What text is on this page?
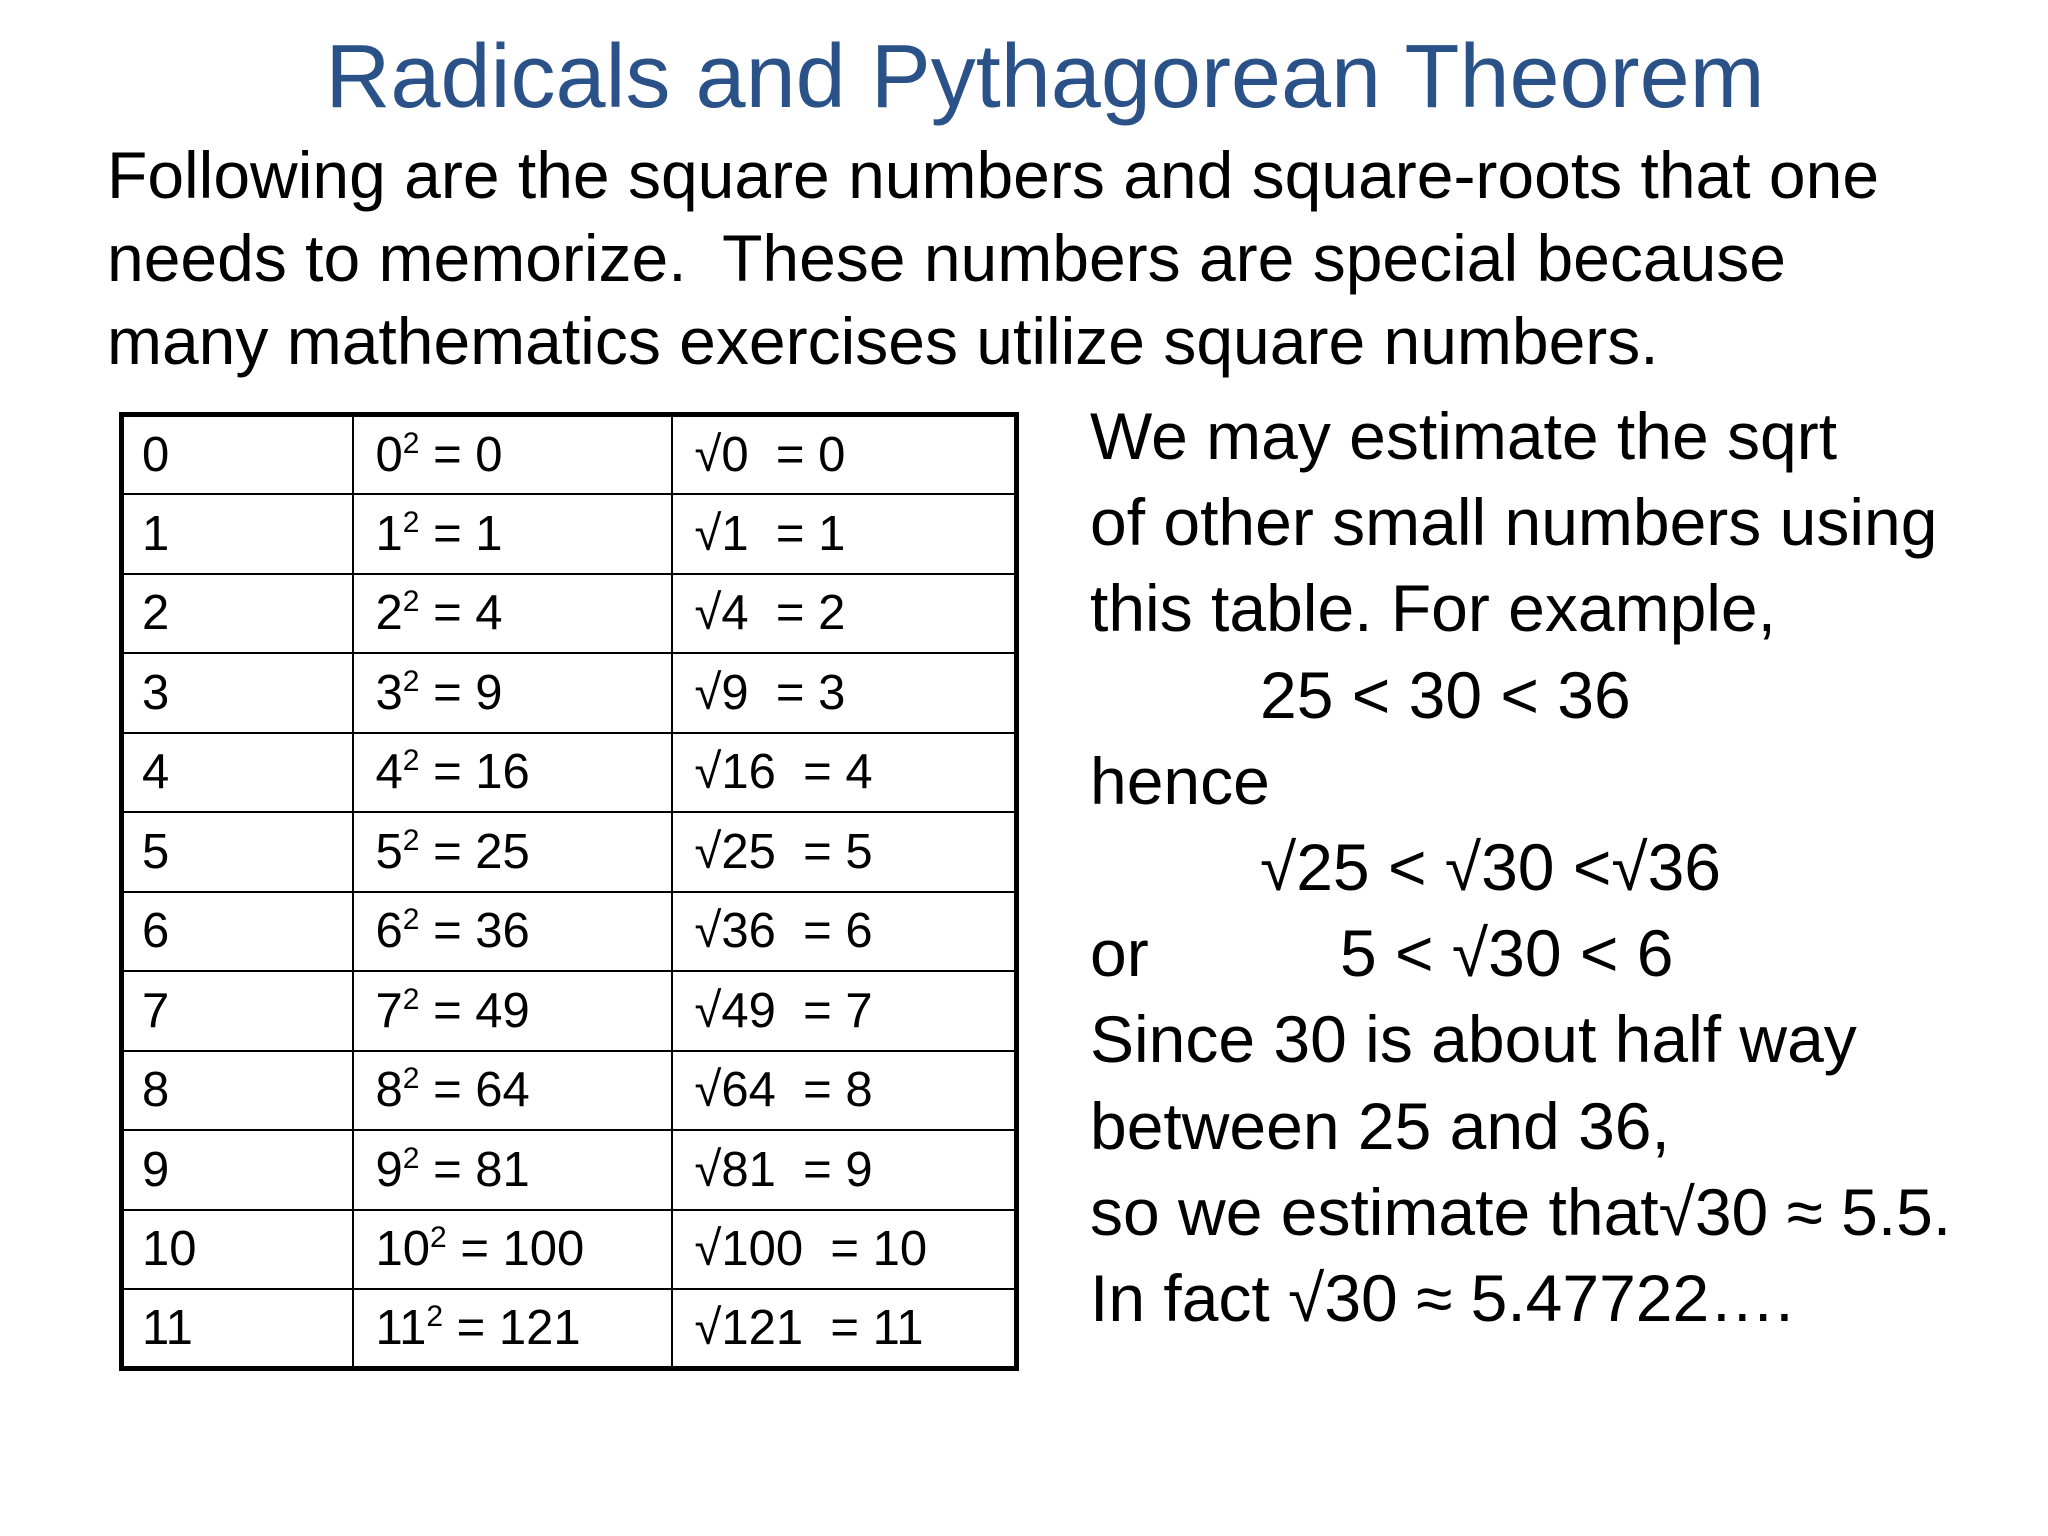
Radicals and Pythagorean Theorem
Following are the square numbers and square-roots that one
needs to memorize.  These numbers are special because
many mathematics exercises utilize square numbers.
0	$0^2 = 0$	√0  = 0
1	$1^2 = 1$	√1  = 1
2	$2^2 = 4$	√4  = 2
3	$3^2 = 9$	√9  = 3
4	$4^2 = 16$	√16  = 4
5	$5^2 = 25$	√25  = 5
6	$6^2 = 36$	√36  = 6
7	$7^2 = 49$	√49  = 7
8	$8^2 = 64$	√64  = 8
9	$9^2 = 81$	√81  = 9
10	$10^2 = 100$	√100  = 10
11	$11^2 = 121$	√121  = 11
We may estimate the sqrt
of other small numbers using
this table. For example,
25 < 30 < 36
hence
√25 < √30 <√36
or	5 < √30 < 6
Since 30 is about half way
between 25 and 36,
so we estimate that√30 ≈ 5.5.
In fact √30 ≈ 5.47722….
